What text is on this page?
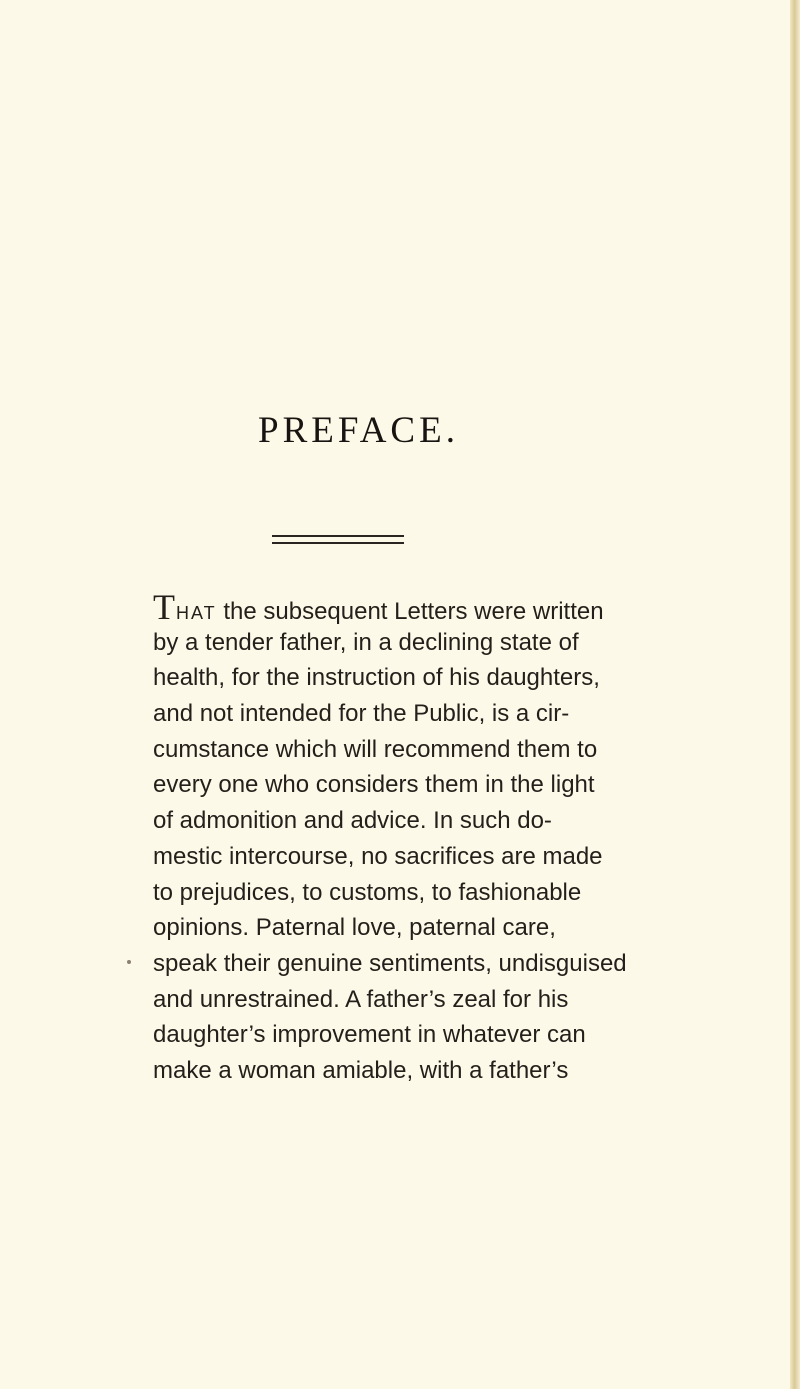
PREFACE.
THAT the subsequent Letters were written
by a tender father, in a declining state of
health, for the instruction of his daughters,
and not intended for the Public, is a cir-
cumstance which will recommend them to
every one who considers them in the light
of admonition and advice. In such do-
mestic intercourse, no sacrifices are made
to prejudices, to customs, to fashionable
opinions. Paternal love, paternal care,
speak their genuine sentiments, undisguised
and unrestrained. A father’s zeal for his
daughter’s improvement in whatever can
make a woman amiable, with a father’s
